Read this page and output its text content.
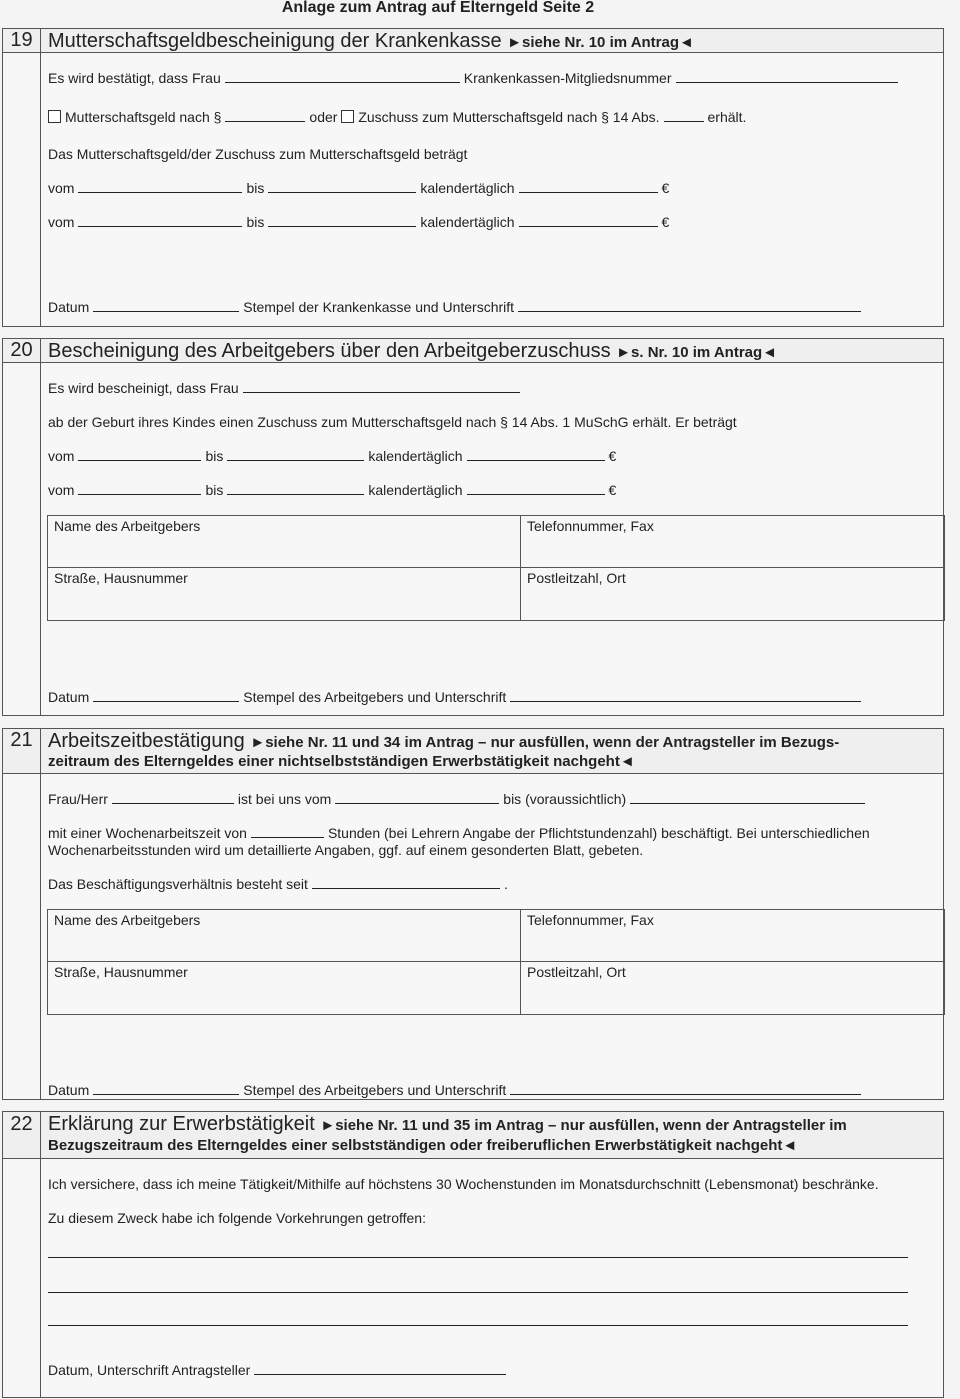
Anlage zum Antrag auf Elterngeld Seite 2
19 Mutterschaftsgeldbescheinigung der Krankenkasse ►siehe Nr. 10 im Antrag◄
Es wird bestätigt, dass Frau	Krankenkassen-Mitgliedsnummer
Mutterschaftsgeld nach §	oder Zuschuss zum Mutterschaftsgeld nach § 14 Abs.	erhält.
Das Mutterschaftsgeld/der Zuschuss zum Mutterschaftsgeld beträgt
vom	bis	kalendertäglich	€
vom	bis	kalendertäglich	€
Datum	Stempel der Krankenkasse und Unterschrift
20 Bescheinigung des Arbeitgebers über den Arbeitgeberzuschuss ►s. Nr. 10 im Antrag◄
Es wird bescheinigt, dass Frau
ab der Geburt ihres Kindes einen Zuschuss zum Mutterschaftsgeld nach § 14 Abs. 1 MuSchG erhält. Er beträgt
vom	bis	kalendertäglich	€
vom	bis	kalendertäglich	€
Name des Arbeitgebers	Telefonnummer, Fax
Straße, Hausnummer	Postleitzahl, Ort
Datum	Stempel des Arbeitgebers und Unterschrift
21 Arbeitszeitbestätigung ►siehe Nr. 11 und 34 im Antrag – nur ausfüllen, wenn der Antragsteller im Bezugs-
zeitraum des Elterngeldes einer nichtselbstständigen Erwerbstätigkeit nachgeht◄
Frau/Herr	ist bei uns vom	bis (voraussichtlich)
mit einer Wochenarbeitszeit von	Stunden (bei Lehrern Angabe der Pflichtstundenzahl) beschäftigt. Bei unterschiedlichen
Wochenarbeitsstunden wird um detaillierte Angaben, ggf. auf einem gesonderten Blatt, gebeten.
Das Beschäftigungsverhältnis besteht seit	.
Name des Arbeitgebers	Telefonnummer, Fax
Straße, Hausnummer	Postleitzahl, Ort
Datum	Stempel des Arbeitgebers und Unterschrift
22 Erklärung zur Erwerbstätigkeit ►siehe Nr. 11 und 35 im Antrag – nur ausfüllen, wenn der Antragsteller im
Bezugszeitraum des Elterngeldes einer selbstständigen oder freiberuflichen Erwerbstätigkeit nachgeht◄
Ich versichere, dass ich meine Tätigkeit/Mithilfe auf höchstens 30 Wochenstunden im Monatsdurchschnitt (Lebensmonat) beschränke.
Zu diesem Zweck habe ich folgende Vorkehrungen getroffen:
Datum, Unterschrift Antragsteller
